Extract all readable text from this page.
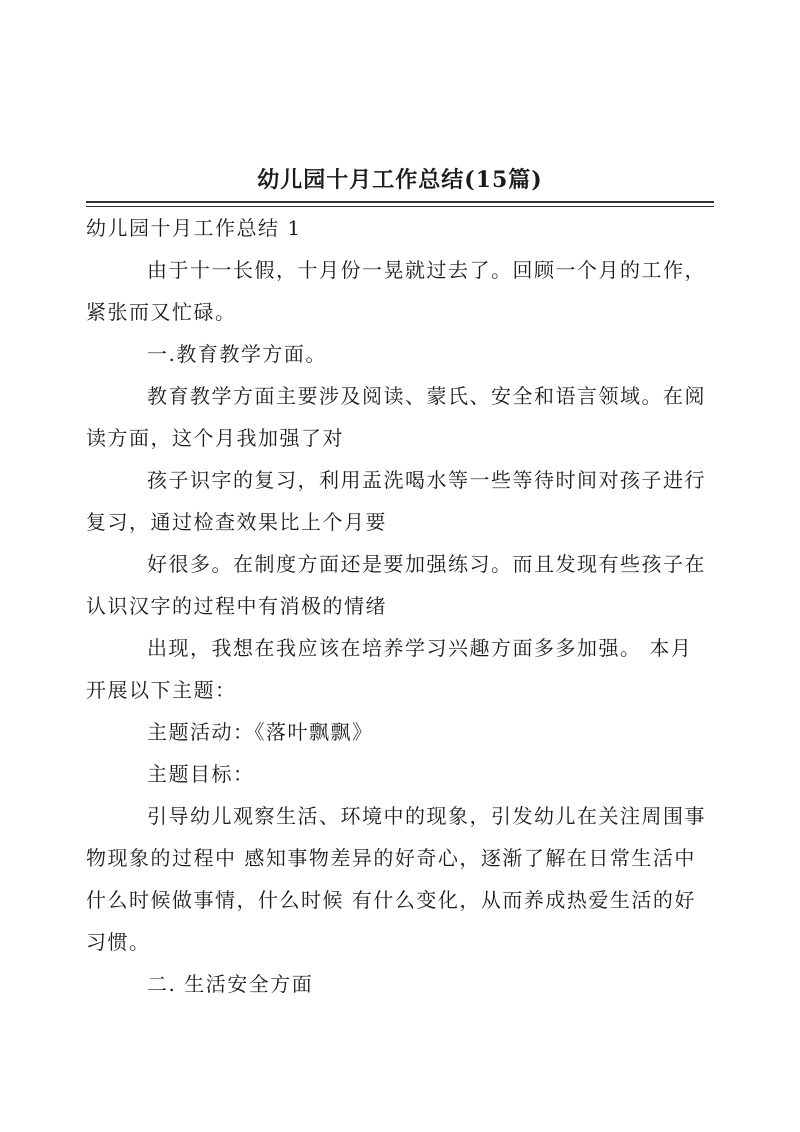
幼儿园十月工作总结(15篇)
幼儿园十月工作总结 1
由于十一长假，十月份一晃就过去了。回顾一个月的工作，
紧张而又忙碌。
一.教育教学方面。
教育教学方面主要涉及阅读、蒙氏、安全和语言领域。在阅
读方面，这个月我加强了对
孩子识字的复习，利用盂洗喝水等一些等待时间对孩子进行
复习，通过检查效果比上个月要
好很多。在制度方面还是要加强练习。而且发现有些孩子在
认识汉字的过程中有消极的情绪
出现，我想在我应该在培养学习兴趣方面多多加强。 本月
开展以下主题：
主题活动：《落叶飘飘》
主题目标：
引导幼儿观察生活、环境中的现象，引发幼儿在关注周围事
物现象的过程中 感知事物差异的好奇心，逐渐了解在日常生活中
什么时候做事情，什么时候 有什么变化，从而养成热爱生活的好
习惯。
二. 生活安全方面
